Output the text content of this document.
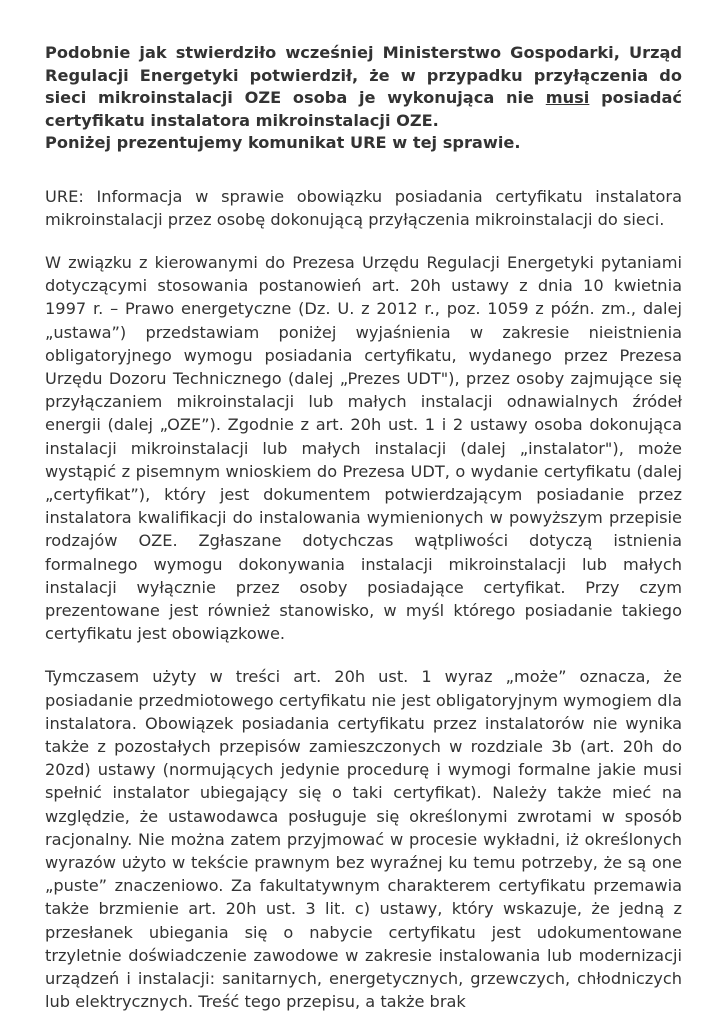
Podobnie jak stwierdziło wcześniej Ministerstwo Gospodarki, Urząd Regulacji Energetyki potwierdził, że w przypadku przyłączenia do sieci mikroinstalacji OZE osoba je wykonująca nie musi posiadać certyfikatu instalatora mikroinstalacji OZE.
Poniżej prezentujemy komunikat URE w tej sprawie.

URE: Informacja w sprawie obowiązku posiadania certyfikatu instalatora mikroinstalacji przez osobę dokonującą przyłączenia mikroinstalacji do sieci.

W związku z kierowanymi do Prezesa Urzędu Regulacji Energetyki pytaniami dotyczącymi stosowania postanowień art. 20h ustawy z dnia 10 kwietnia 1997 r. – Prawo energetyczne (Dz. U. z 2012 r., poz. 1059 z późn. zm., dalej „ustawa”) przedstawiam poniżej wyjaśnienia w zakresie nieistnienia obligatoryjnego wymogu posiadania certyfikatu, wydanego przez Prezesa Urzędu Dozoru Technicznego (dalej „Prezes UDT"), przez osoby zajmujące się przyłączaniem mikroinstalacji lub małych instalacji odnawialnych źródeł energii (dalej „OZE”). Zgodnie z art. 20h ust. 1 i 2 ustawy osoba dokonująca instalacji mikroinstalacji lub małych instalacji (dalej „instalator"), może wystąpić z pisemnym wnioskiem do Prezesa UDT, o wydanie certyfikatu (dalej „certyfikat”), który jest dokumentem potwierdzającym posiadanie przez instalatora kwalifikacji do instalowania wymienionych w powyższym przepisie rodzajów OZE. Zgłaszane dotychczas wątpliwości dotyczą istnienia formalnego wymogu dokonywania instalacji mikroinstalacji lub małych instalacji wyłącznie przez osoby posiadające certyfikat. Przy czym prezentowane jest również stanowisko, w myśl którego posiadanie takiego certyfikatu jest obowiązkowe.

Tymczasem użyty w treści art. 20h ust. 1 wyraz „może” oznacza, że posiadanie przedmiotowego certyfikatu nie jest obligatoryjnym wymogiem dla instalatora. Obowiązek posiadania certyfikatu przez instalatorów nie wynika także z pozostałych przepisów zamieszczonych w rozdziale 3b (art. 20h do 20zd) ustawy (normujących jedynie procedurę i wymogi formalne jakie musi spełnić instalator ubiegający się o taki certyfikat). Należy także mieć na względzie, że ustawodawca posługuje się określonymi zwrotami w sposób racjonalny. Nie można zatem przyjmować w procesie wykładni, iż określonych wyrazów użyto w tekście prawnym bez wyraźnej ku temu potrzeby, że są one „puste” znaczeniowo. Za fakultatywnym charakterem certyfikatu przemawia także brzmienie art. 20h ust. 3 lit. c) ustawy, który wskazuje, że jedną z przesłanek ubiegania się o nabycie certyfikatu jest udokumentowane trzyletnie doświadczenie zawodowe w zakresie instalowania lub modernizacji urządzeń i instalacji: sanitarnych, energetycznych, grzewczych, chłodniczych lub elektrycznych. Treść tego przepisu, a także brak
